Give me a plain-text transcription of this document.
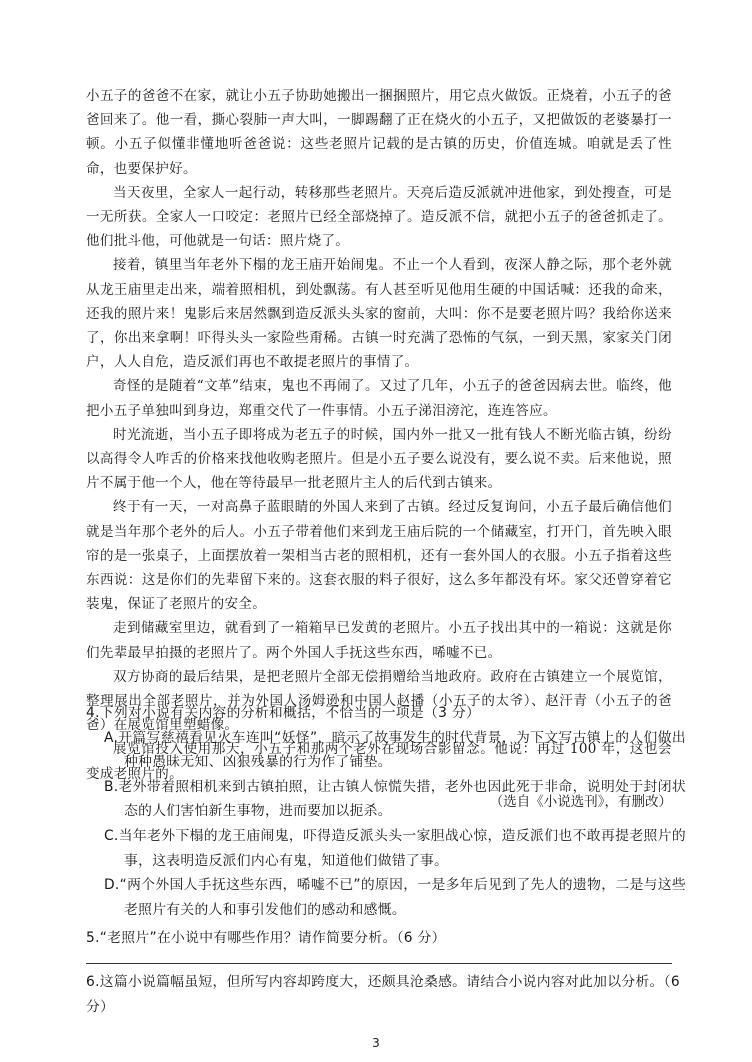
小五子的爸爸不在家，就让小五子协助她搬出一捆捆照片，用它点火做饭。正烧着，小五子的爸爸回来了。他一看，撕心裂肺一声大叫，一脚踢翻了正在烧火的小五子，又把做饭的老婆暴打一顿。小五子似懂非懂地听爸爸说：这些老照片记载的是古镇的历史，价值连城。咱就是丢了性命，也要保护好。

当天夜里，全家人一起行动，转移那些老照片。天亮后造反派就冲进他家，到处搜查，可是一无所获。全家人一口咬定：老照片已经全部烧掉了。造反派不信，就把小五子的爸爸抓走了。他们批斗他，可他就是一句话：照片烧了。

接着，镇里当年老外下榻的龙王庙开始闹鬼。不止一个人看到，夜深人静之际，那个老外就从龙王庙里走出来，端着照相机，到处飘荡。有人甚至听见他用生硬的中国话喊：还我的命来，还我的照片来！鬼影后来居然飘到造反派头头家的窗前，大叫：你不是要老照片吗？我给你送来了，你出来拿啊！吓得头头一家险些甭稀。古镇一时充满了恐怖的气氛，一到天黑，家家关门闭户，人人自危，造反派们再也不敢提老照片的事情了。

奇怪的是随着“文革”结束，鬼也不再闹了。又过了几年，小五子的爸爸因病去世。临终，他把小五子单独叫到身边，郑重交代了一件事情。小五子涕泪滂沱，连连答应。

时光流逝，当小五子即将成为老五子的时候，国内外一批又一批有钱人不断光临古镇，纷纷以高得令人咋舌的价格来找他收购老照片。但是小五子要么说没有，要么说不卖。后来他说，照片不属于他一个人，他在等待最早一批老照片主人的后代到古镇来。

终于有一天，一对高鼻子蓝眼睛的外国人来到了古镇。经过反复询问，小五子最后确信他们就是当年那个老外的后人。小五子带着他们来到龙王庙后院的一个储藏室，打开门，首先映入眼帘的是一张桌子，上面摆放着一架相当古老的照相机，还有一套外国人的衣服。小五子指着这些东西说：这是你们的先辈留下来的。这套衣服的料子很好，这么多年都没有坏。家父还曾穿着它装鬼，保证了老照片的安全。

走到储藏室里边，就看到了一箱箱早已发黄的老照片。小五子找出其中的一箱说：这就是你们先辈最早拍摄的老照片了。两个外国人手抚这些东西，唏嘘不已。

双方协商的最后结果，是把老照片全部无偿捐赠给当地政府。政府在古镇建立一个展览馆，整理展出全部老照片，并为外国人汤姆逊和中国人赵播（小五子的太爷）、赵汗青（小五子的爸爸）在展览馆里塑蜡像。

展览馆投入使用那天，小五子和那两个老外在现场合影留念。他说：再过 100 年，这也会变成老照片的。

（选自《小说选刊》，有删改）

4.下列对小说有关内容的分析和概括，不恰当的一项是（3 分）

A.开篇写慈禧看见火车连叫“妖怪”，暗示了故事发生的时代背景，为下文写古镇上的人们做出种种愚昧无知、凶狠残暴的行为作了铺垫。

B.老外带着照相机来到古镇拍照，让古镇人惊慌失措，老外也因此死于非命，说明处于封闭状态的人们害怕新生事物，进而要加以扼杀。

C.当年老外下榻的龙王庙闹鬼，吓得造反派头头一家胆战心惊，造反派们也不敢再提老照片的事，这表明造反派们内心有鬼，知道他们做错了事。

D.“两个外国人手抚这些东西，唏嘘不已”的原因，一是多年后见到了先人的遗物，二是与这些老照片有关的人和事引发他们的感动和感慨。

5.“老照片”在小说中有哪些作用？请作简要分析。（6 分）

6.这篇小说篇幅虽短，但所写内容却跨度大，还颇具沧桑感。请结合小说内容对此加以分析。（6 分）

3
